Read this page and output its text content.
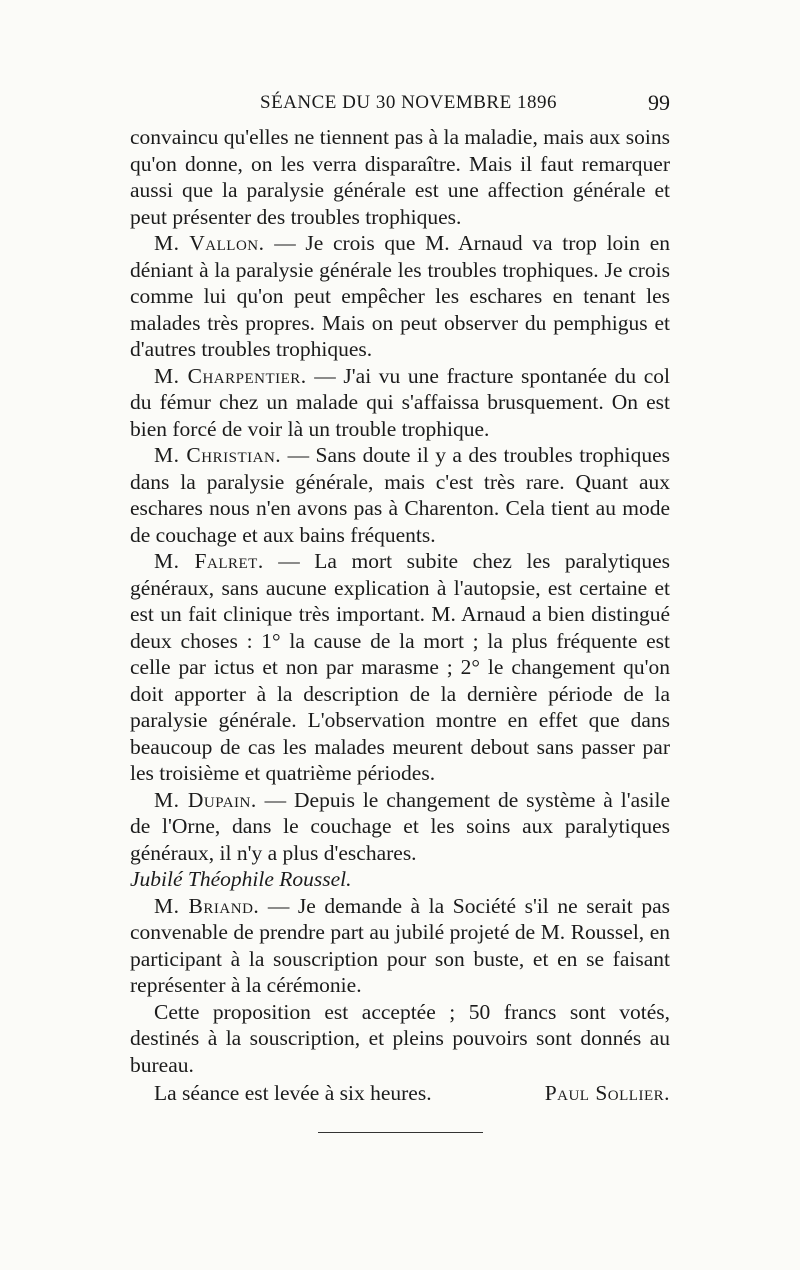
SÉANCE DU 30 NOVEMBRE 1896	99

convaincu qu'elles ne tiennent pas à la maladie, mais aux soins qu'on donne, on les verra disparaître. Mais il faut remarquer aussi que la paralysie générale est une affection générale et peut présenter des troubles trophiques.

M. Vallon. — Je crois que M. Arnaud va trop loin en déniant à la paralysie générale les troubles trophiques. Je crois comme lui qu'on peut empêcher les eschares en tenant les malades très propres. Mais on peut observer du pemphigus et d'autres troubles trophiques.

M. Charpentier. — J'ai vu une fracture spontanée du col du fémur chez un malade qui s'affaissa brusquement. On est bien forcé de voir là un trouble trophique.

M. Christian. — Sans doute il y a des troubles trophiques dans la paralysie générale, mais c'est très rare. Quant aux eschares nous n'en avons pas à Charenton. Cela tient au mode de couchage et aux bains fréquents.

M. Falret. — La mort subite chez les paralytiques généraux, sans aucune explication à l'autopsie, est certaine et est un fait clinique très important. M. Arnaud a bien distingué deux choses : 1° la cause de la mort ; la plus fréquente est celle par ictus et non par marasme ; 2° le changement qu'on doit apporter à la description de la dernière période de la paralysie générale. L'observation montre en effet que dans beaucoup de cas les malades meurent debout sans passer par les troisième et quatrième périodes.

M. Dupain. — Depuis le changement de système à l'asile de l'Orne, dans le couchage et les soins aux paralytiques généraux, il n'y a plus d'eschares.

Jubilé Théophile Roussel.

M. Briand. — Je demande à la Société s'il ne serait pas convenable de prendre part au jubilé projeté de M. Roussel, en participant à la souscription pour son buste, et en se faisant représenter à la cérémonie.

Cette proposition est acceptée ; 50 francs sont votés, destinés à la souscription, et pleins pouvoirs sont donnés au bureau.

La séance est levée à six heures.	Paul Sollier.
